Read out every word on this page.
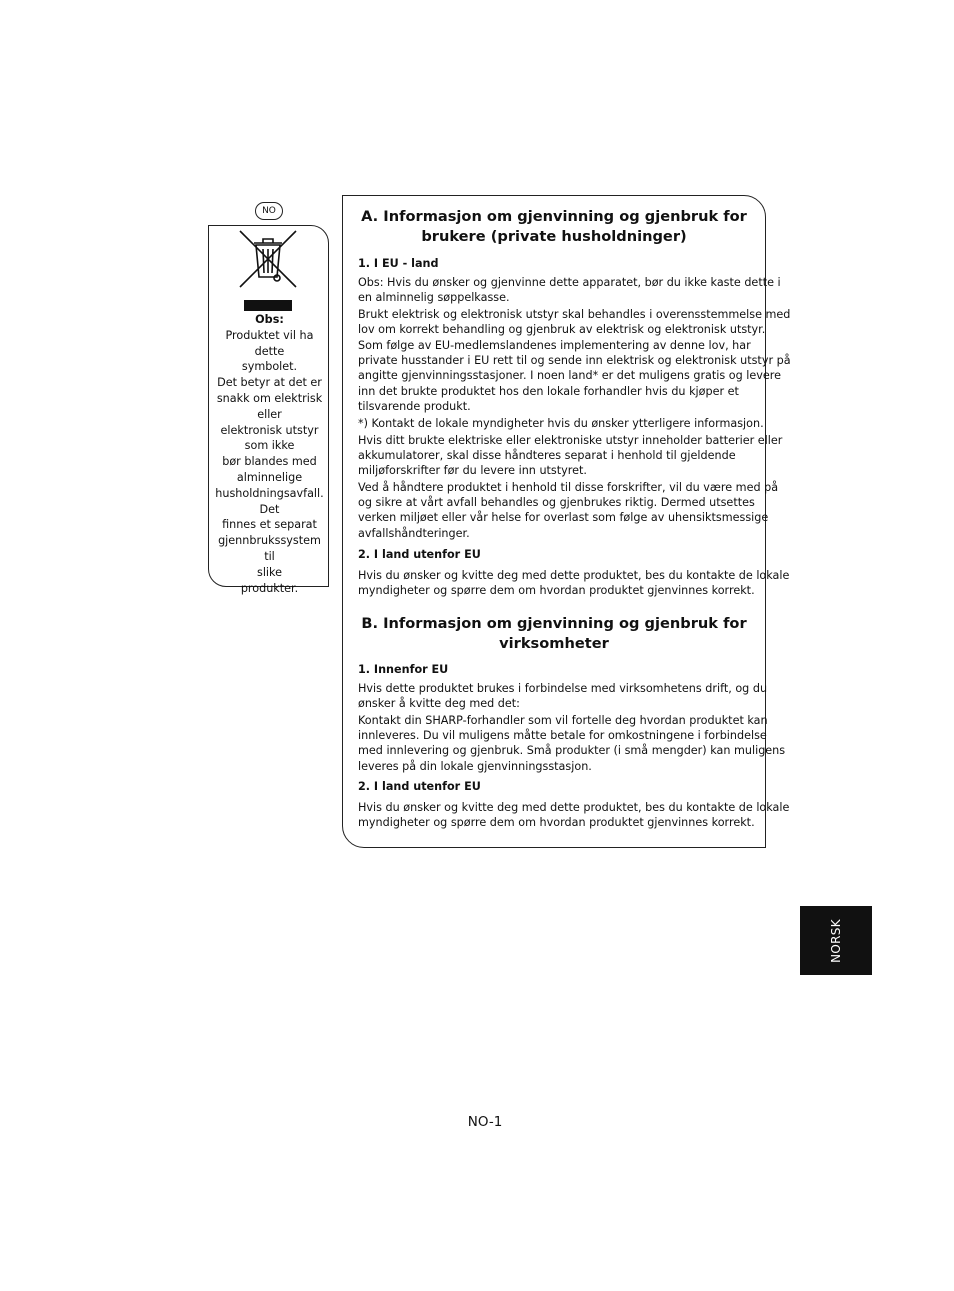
NO
Obs:
Produktet vil ha
dette
symbolet.
Det betyr at det er
snakk om elektrisk
eller
elektronisk utstyr
som ikke
bør blandes med
alminnelige
husholdningsavfall.
Det
finnes et separat
gjennbrukssystem til
slike
produkter.
A. Informasjon om gjenvinning og gjenbruk for
brukere (private husholdninger)
1. I EU - land
Obs: Hvis du ønsker og gjenvinne dette apparatet, bør du ikke kaste dette i
en alminnelig søppelkasse.
Brukt elektrisk og elektronisk utstyr skal behandles i overensstemmelse med
lov om korrekt behandling og gjenbruk av elektrisk og elektronisk utstyr.
Som følge av EU-medlemslandenes implementering av denne lov, har
private husstander i EU rett til og sende inn elektrisk og elektronisk utstyr på
angitte gjenvinningsstasjoner. I noen land* er det muligens gratis og levere
inn det brukte produktet hos den lokale forhandler hvis du kjøper et
tilsvarende produkt.
*) Kontakt de lokale myndigheter hvis du ønsker ytterligere informasjon.
Hvis ditt brukte elektriske eller elektroniske utstyr inneholder batterier eller
akkumulatorer, skal disse håndteres separat i henhold til gjeldende
miljøforskrifter før du levere inn utstyret.
Ved å håndtere produktet i henhold til disse forskrifter, vil du være med på
og sikre at vårt avfall behandles og gjenbrukes riktig. Dermed utsettes
verken miljøet eller vår helse for overlast som følge av uhensiktsmessige
avfallshåndteringer.
2. I land utenfor EU
Hvis du ønsker og kvitte deg med dette produktet, bes du kontakte de lokale
myndigheter og spørre dem om hvordan produktet gjenvinnes korrekt.
B. Informasjon om gjenvinning og gjenbruk for
virksomheter
1. Innenfor EU
Hvis dette produktet brukes i forbindelse med virksomhetens drift, og du
ønsker å kvitte deg med det:
Kontakt din SHARP-forhandler som vil fortelle deg hvordan produktet kan
innleveres. Du vil muligens måtte betale for omkostningene i forbindelse
med innlevering og gjenbruk. Små produkter (i små mengder) kan muligens
leveres på din lokale gjenvinningsstasjon.
2. I land utenfor EU
Hvis du ønsker og kvitte deg med dette produktet, bes du kontakte de lokale
myndigheter og spørre dem om hvordan produktet gjenvinnes korrekt.
NORSK
NO-1
